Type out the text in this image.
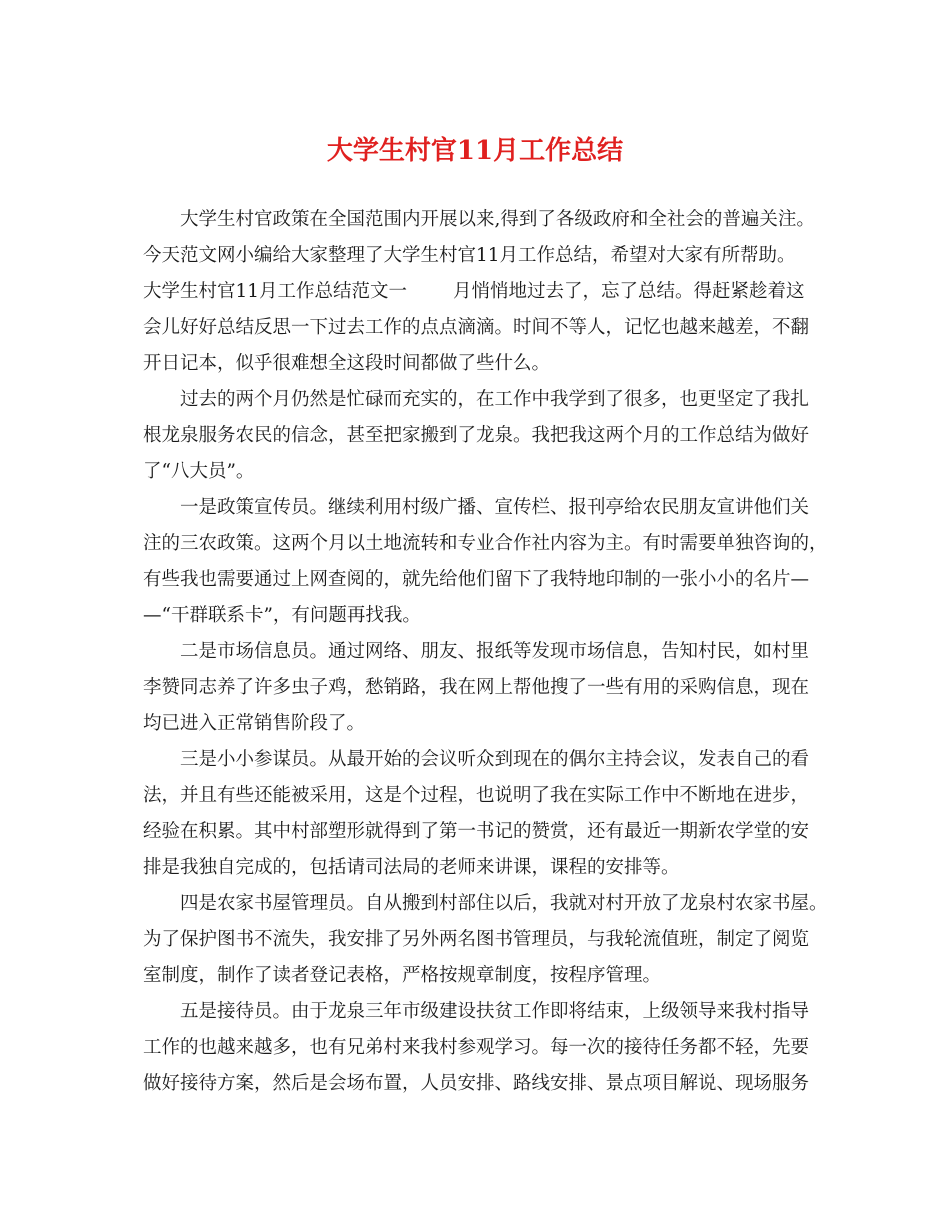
大学生村官11月工作总结
大学生村官政策在全国范围内开展以来,得到了各级政府和全社会的普遍关注。
今天范文网小编给大家整理了大学生村官11月工作总结，希望对大家有所帮助。
大学生村官11月工作总结范文一 月悄悄地过去了，忘了总结。得赶紧趁着这
会儿好好总结反思一下过去工作的点点滴滴。时间不等人，记忆也越来越差，不翻
开日记本，似乎很难想全这段时间都做了些什么。
过去的两个月仍然是忙碌而充实的，在工作中我学到了很多，也更坚定了我扎
根龙泉服务农民的信念，甚至把家搬到了龙泉。我把我这两个月的工作总结为做好
了“八大员”。
一是政策宣传员。继续利用村级广播、宣传栏、报刊亭给农民朋友宣讲他们关
注的三农政策。这两个月以土地流转和专业合作社内容为主。有时需要单独咨询的，
有些我也需要通过上网查阅的，就先给他们留下了我特地印制的一张小小的名片—
—“干群联系卡”，有问题再找我。
二是市场信息员。通过网络、朋友、报纸等发现市场信息，告知村民，如村里
李赞同志养了许多虫子鸡，愁销路，我在网上帮他搜了一些有用的采购信息，现在
均已进入正常销售阶段了。
三是小小参谋员。从最开始的会议听众到现在的偶尔主持会议，发表自己的看
法，并且有些还能被采用，这是个过程，也说明了我在实际工作中不断地在进步，
经验在积累。其中村部塑形就得到了第一书记的赞赏，还有最近一期新农学堂的安
排是我独自完成的，包括请司法局的老师来讲课，课程的安排等。
四是农家书屋管理员。自从搬到村部住以后，我就对村开放了龙泉村农家书屋。
为了保护图书不流失，我安排了另外两名图书管理员，与我轮流值班，制定了阅览
室制度，制作了读者登记表格，严格按规章制度，按程序管理。
五是接待员。由于龙泉三年市级建设扶贫工作即将结束，上级领导来我村指导
工作的也越来越多，也有兄弟村来我村参观学习。每一次的接待任务都不轻，先要
做好接待方案，然后是会场布置，人员安排、路线安排、景点项目解说、现场服务
